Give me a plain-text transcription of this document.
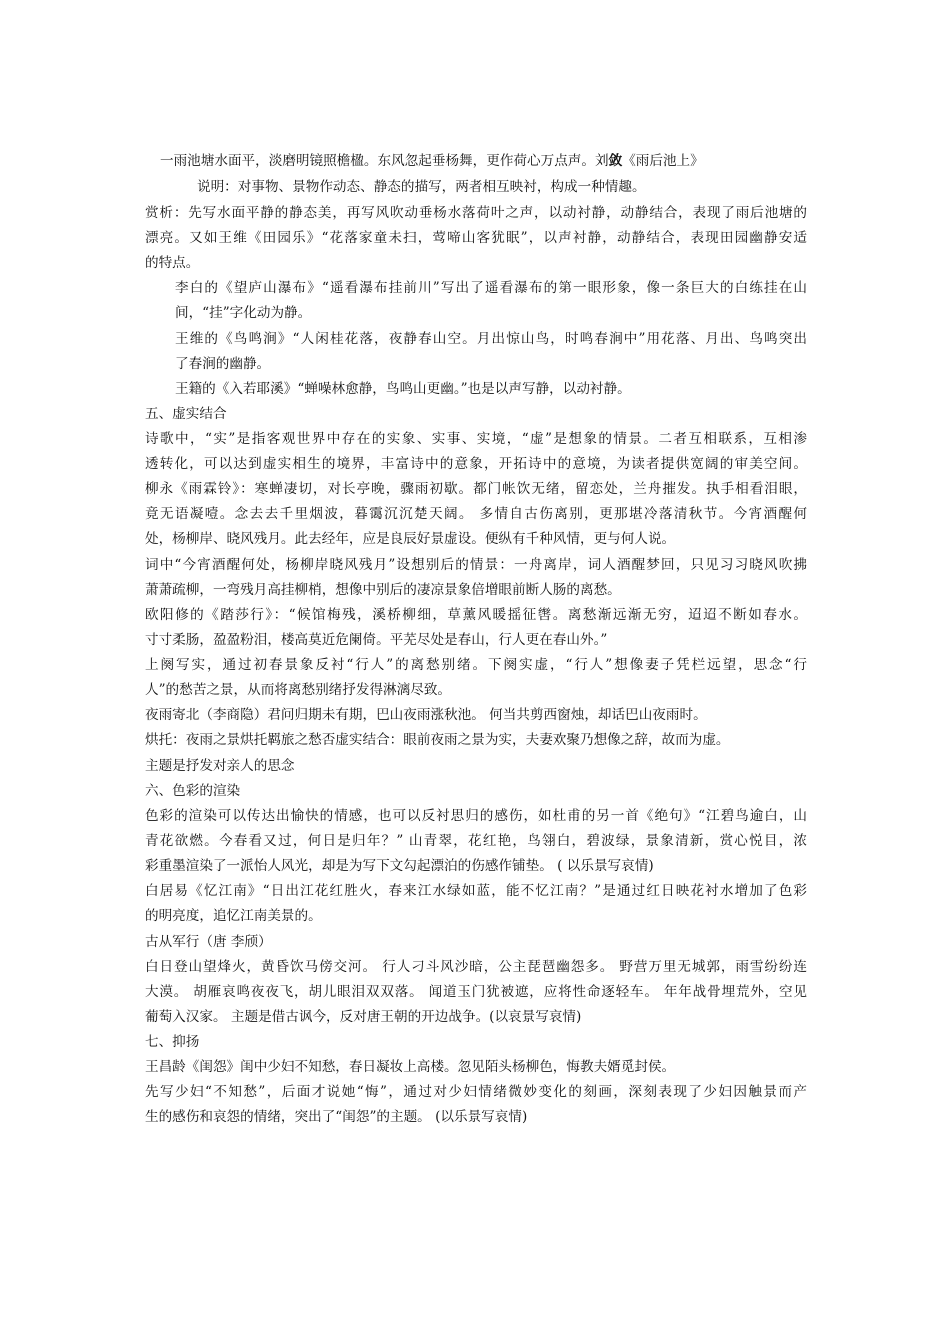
一雨池塘水面平，淡磨明镜照檐楹。东风忽起垂杨舞，更作荷心万点声。刘敛《雨后池上》
说明：对事物、景物作动态、静态的描写，两者相互映衬，构成一种情趣。
赏析：先写水面平静的静态美，再写风吹动垂杨水落荷叶之声，以动衬静，动静结合，表现了雨后池塘的
漂亮。又如王维《田园乐》“花落家童未扫，莺啼山客犹眠”，以声衬静，动静结合，表现田园幽静安适
的特点。
李白的《望庐山瀑布》“遥看瀑布挂前川”写出了遥看瀑布的第一眼形象，像一条巨大的白练挂在山
间，“挂”字化动为静。
王维的《鸟鸣涧》“人闲桂花落，夜静春山空。月出惊山鸟，时鸣春涧中”用花落、月出、鸟鸣突出
了春涧的幽静。
王籍的《入若耶溪》“蝉噪林愈静，鸟鸣山更幽。”也是以声写静，以动衬静。
五、虚实结合
诗歌中，“实”是指客观世界中存在的实象、实事、实境，“虚”是想象的情景。二者互相联系，互相渗
透转化，可以达到虚实相生的境界，丰富诗中的意象，开拓诗中的意境，为读者提供宽阔的审美空间。
柳永《雨霖铃》：寒蝉凄切，对长亭晚，骤雨初歇。都门帐饮无绪，留恋处，兰舟摧发。执手相看泪眼，
竟无语凝噎。念去去千里烟波，暮霭沉沉楚天阔。 多情自古伤离别，更那堪冷落清秋节。今宵酒醒何
处，杨柳岸、晓风残月。此去经年，应是良辰好景虚设。便纵有千种风情，更与何人说。
词中“今宵酒醒何处，杨柳岸晓风残月”设想别后的情景：一舟离岸，词人酒醒梦回，只见习习晓风吹拂
萧萧疏柳，一弯残月高挂柳梢，想像中别后的凄凉景象倍增眼前断人肠的离愁。
欧阳修的《踏莎行》：“候馆梅残，溪桥柳细，草薰风暖摇征辔。离愁渐远渐无穷，迢迢不断如春水。
寸寸柔肠，盈盈粉泪，楼高莫近危阑倚。平芜尽处是春山，行人更在春山外。”
上阕写实，通过初春景象反衬“行人”的离愁别绪。下阕实虚，“行人”想像妻子凭栏远望，思念“行
人”的愁苦之景，从而将离愁别绪抒发得淋漓尽致。
夜雨寄北（李商隐）君问归期未有期，巴山夜雨涨秋池。 何当共剪西窗烛，却话巴山夜雨时。
烘托：夜雨之景烘托羁旅之愁否虚实结合：眼前夜雨之景为实，夫妻欢聚乃想像之辞，故而为虚。
主题是抒发对亲人的思念
六、色彩的渲染
色彩的渲染可以传达出愉快的情感，也可以反衬思归的感伤，如杜甫的另一首《绝句》“江碧鸟逾白，山
青花欲燃。今春看又过，何日是归年？” 山青翠，花红艳，鸟翎白，碧波绿，景象清新，赏心悦目，浓
彩重墨渲染了一派怡人风光，却是为写下文勾起漂泊的伤感作铺垫。 ( 以乐景写哀情)
白居易《忆江南》“日出江花红胜火，春来江水绿如蓝，能不忆江南？”是通过红日映花衬水增加了色彩
的明亮度，追忆江南美景的。
古从军行（唐 李颀）
白日登山望烽火，黄昏饮马傍交河。 行人刁斗风沙暗，公主琵琶幽怨多。 野营万里无城郭，雨雪纷纷连
大漠。 胡雁哀鸣夜夜飞，胡儿眼泪双双落。 闻道玉门犹被遮，应将性命逐轻车。 年年战骨埋荒外，空见
葡萄入汉家。 主题是借古讽今，反对唐王朝的开边战争。(以哀景写哀情)
七、抑扬
王昌龄《闺怨》闺中少妇不知愁，春日凝妆上高楼。忽见陌头杨柳色，悔教夫婿觅封侯。
先写少妇“不知愁”，后面才说她“悔”，通过对少妇情绪微妙变化的刻画，深刻表现了少妇因触景而产
生的感伤和哀怨的情绪，突出了“闺怨”的主题。 (以乐景写哀情)
